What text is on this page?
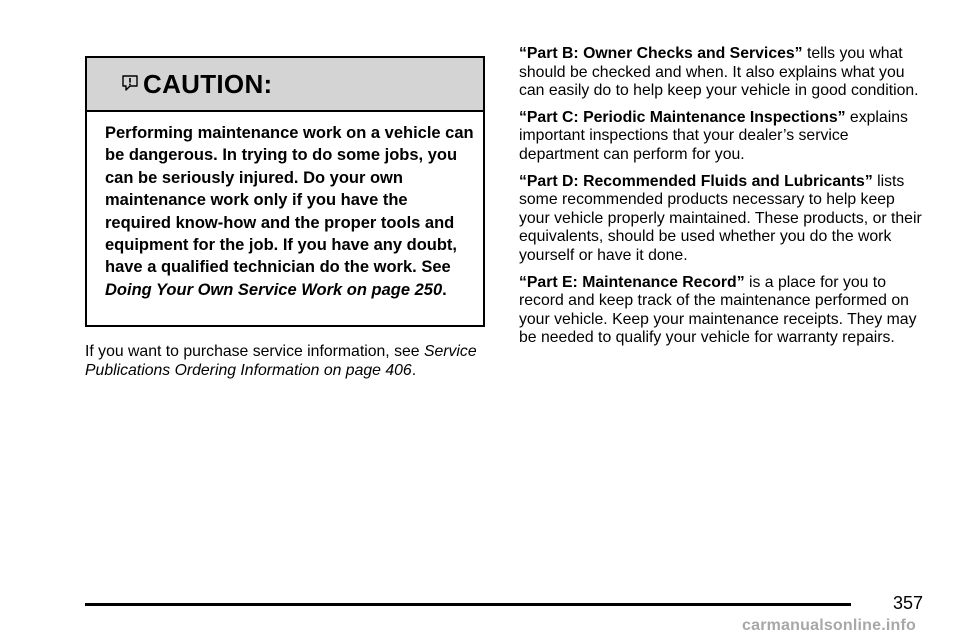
CAUTION:
Performing maintenance work on a vehicle can be dangerous. In trying to do some jobs, you can be seriously injured. Do your own maintenance work only if you have the required know-how and the proper tools and equipment for the job. If you have any doubt, have a qualified technician do the work. See Doing Your Own Service Work on page 250.
If you want to purchase service information, see Service Publications Ordering Information on page 406.

“Part B: Owner Checks and Services” tells you what should be checked and when. It also explains what you can easily do to help keep your vehicle in good condition.

“Part C: Periodic Maintenance Inspections” explains important inspections that your dealer’s service department can perform for you.

“Part D: Recommended Fluids and Lubricants” lists some recommended products necessary to help keep your vehicle properly maintained. These products, or their equivalents, should be used whether you do the work yourself or have it done.

“Part E: Maintenance Record” is a place for you to record and keep track of the maintenance performed on your vehicle. Keep your maintenance receipts. They may be needed to qualify your vehicle for warranty repairs.

357
carmanualsonline.info
